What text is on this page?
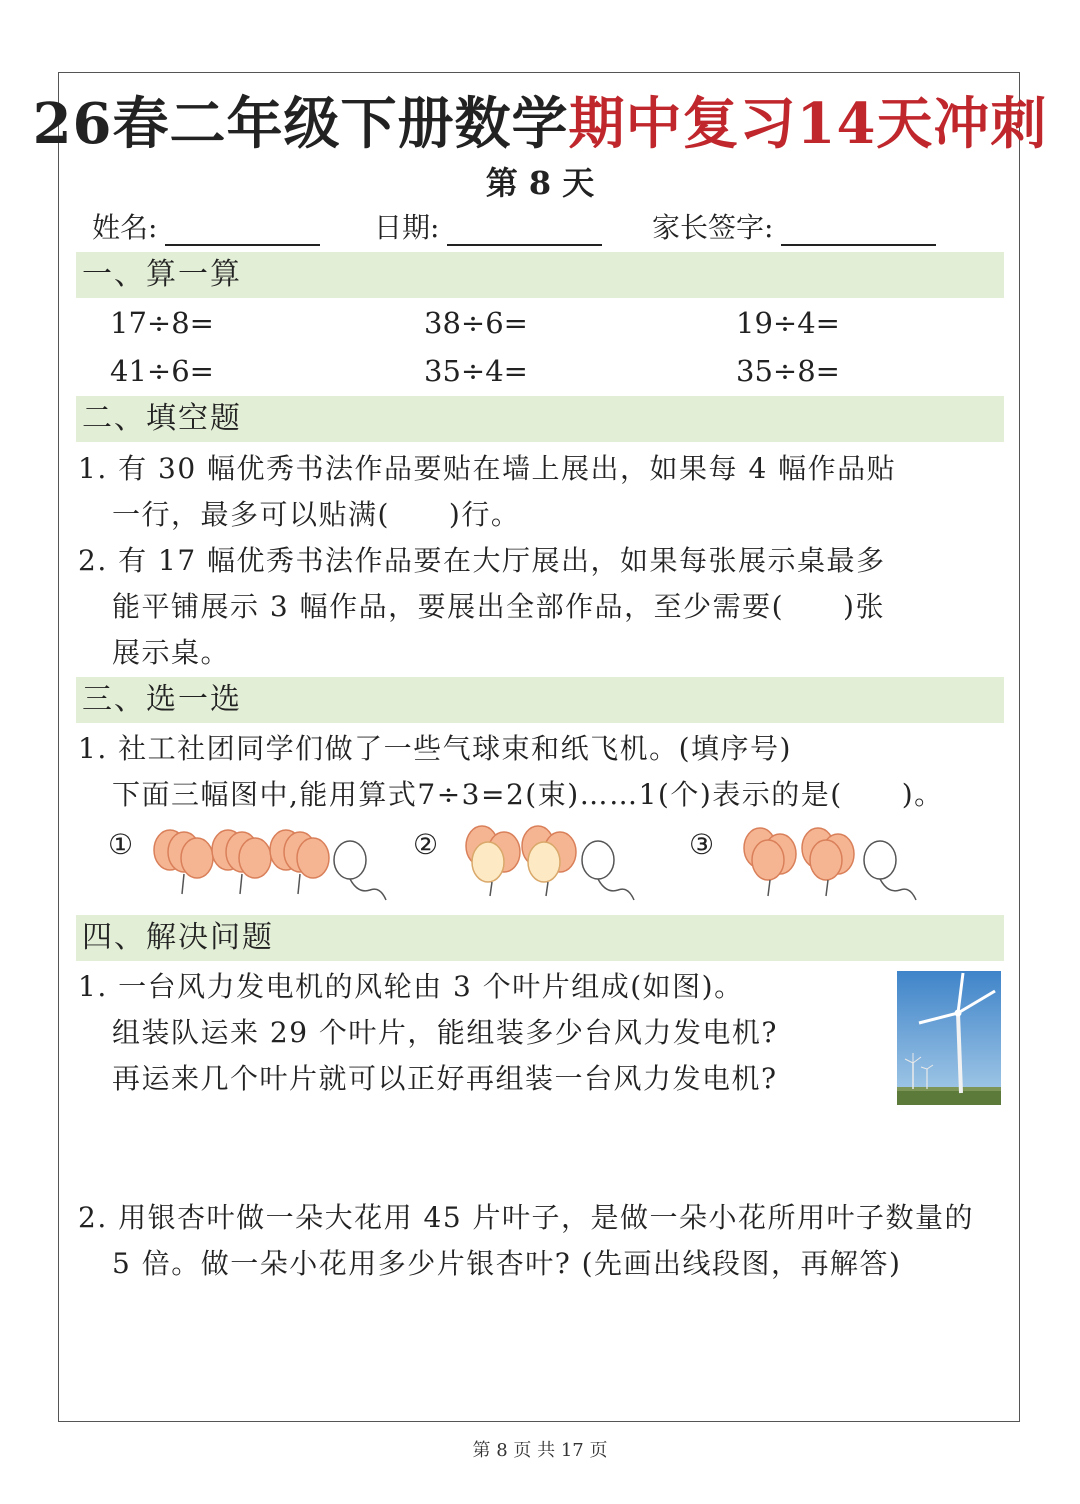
26春二年级下册数学期中复习14天冲刺
第 8 天
姓名:	日期:	家长签字:
一、算一算
17÷8=	38÷6=	19÷4=
41÷6=	35÷4=	35÷8=
二、填空题
1. 有 30 幅优秀书法作品要贴在墙上展出，如果每 4 幅作品贴
一行，最多可以贴满(　　)行。
2. 有 17 幅优秀书法作品要在大厅展出，如果每张展示桌最多
能平铺展示 3 幅作品，要展出全部作品，至少需要(　　)张
展示桌。
三、选一选
1. 社工社团同学们做了一些气球束和纸飞机。(填序号)
下面三幅图中,能用算式7÷3=2(束)……1(个)表示的是(　　)。
①	②	③
四、解决问题
1. 一台风力发电机的风轮由 3 个叶片组成(如图)。
组装队运来 29 个叶片，能组装多少台风力发电机?
再运来几个叶片就可以正好再组装一台风力发电机?
2. 用银杏叶做一朵大花用 45 片叶子，是做一朵小花所用叶子数量的
5 倍。做一朵小花用多少片银杏叶? (先画出线段图，再解答)
第 8 页 共 17 页
